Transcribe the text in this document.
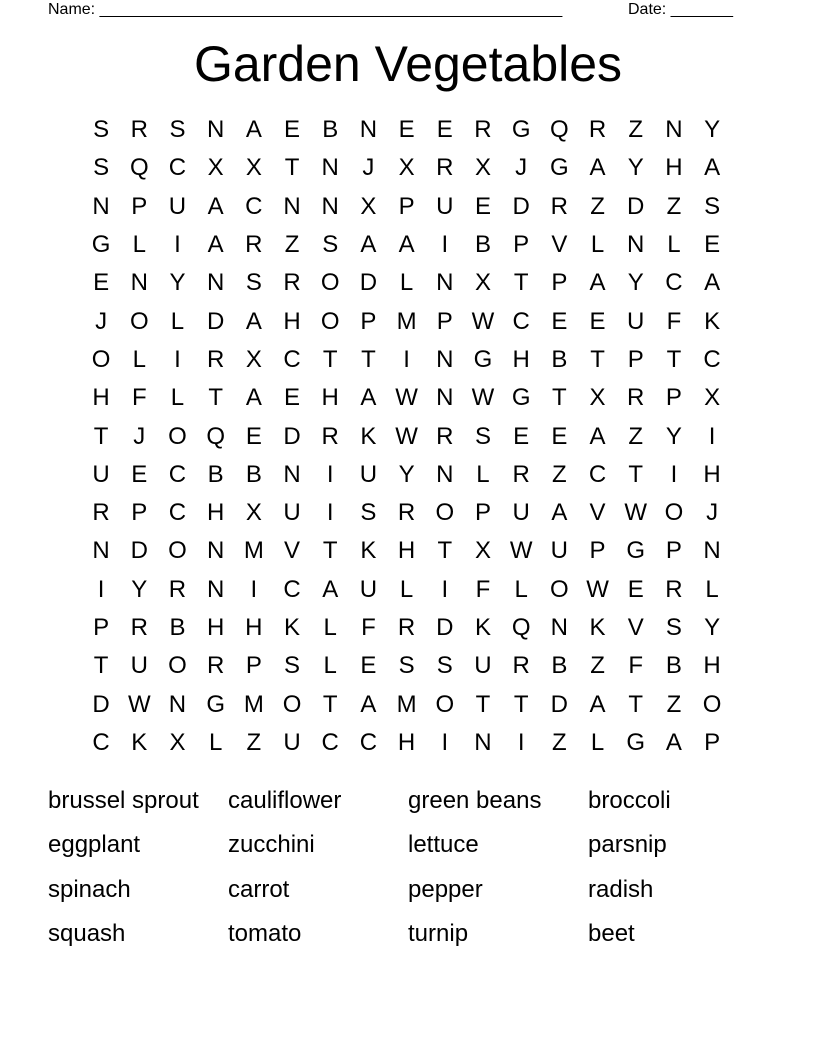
Name: ____________________________________________________	Date: _______
Garden Vegetables
S R S N A E B N E E R G Q R Z N Y
S Q C X X T N J	X R X	J G A Y H A
N P U A C N N X P U E D R Z D Z S
G L	I	A R Z S A A	I	B P V L N L E
E N Y N S R O D L N X T P A Y C A
J O L D A H O P M P W C E E U F K
O L	I	R X C T T	I	N G H B T P T C
H F	L	T A E H A W N W G T X R P X
T	J O Q E D R K W R S E E A Z Y	I
U E C B B N	I	U Y N L R Z C T	I	H
R P C H X U	I	S R O P U A V W O J
N D O N M V T K H T X W U P G P N
I	Y R N	I	C A U L	I	F	L O W E R L
P R B H H K L	F R D K Q N K V S Y
T U O R P S L E S S U R B Z F B H
D W N G M O T A M O T T D A T Z O
C K X L	Z U C C H	I	N	I	Z	L G A P
brussel sprout	cauliflower	green beans	broccoli
eggplant	zucchini	lettuce	parsnip
spinach	carrot	pepper	radish
squash	tomato	turnip	beet
